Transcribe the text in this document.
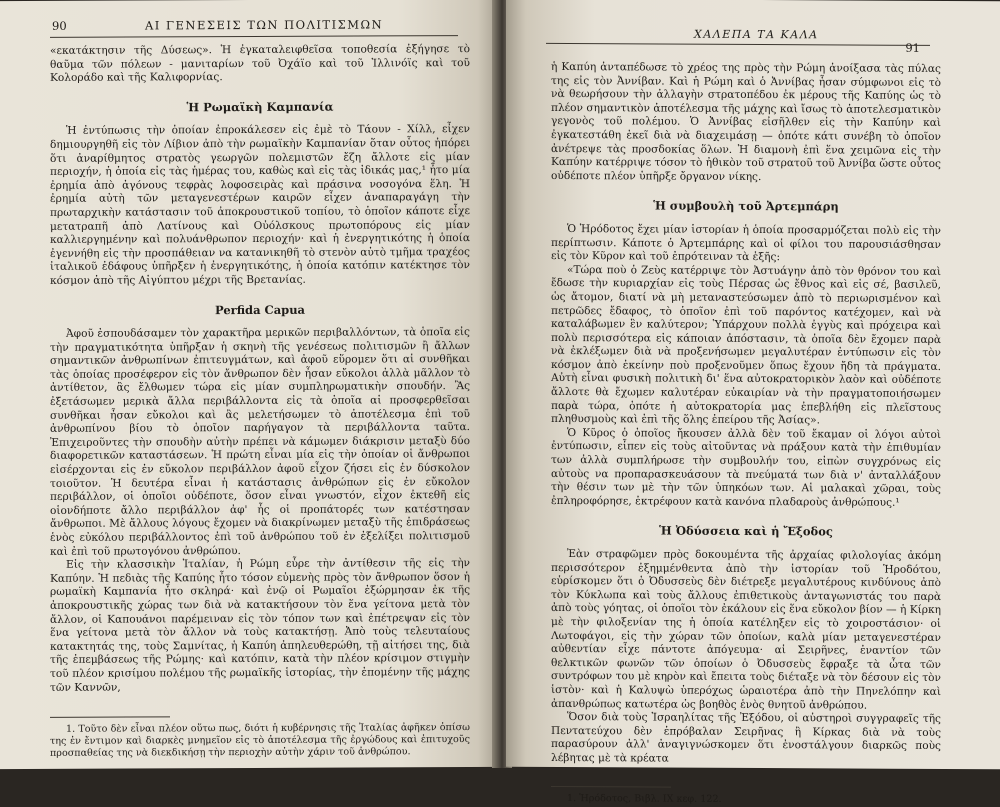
90	ΑΙ ΓΕΝΕΣΕΙΣ ΤΩΝ ΠΟΛΙΤΙΣΜΩΝ

«εκατάκτησιν τῆς Δύσεως». Ἡ ἐγκαταλειφθεῖσα τοποθεσία ἐξήγησε τὸ θαῦμα τῶν πόλεων - μανιταρίων τοῦ Ὀχάϊο καὶ τοῦ Ἰλλινόϊς καὶ τοῦ Κολοράδο καὶ τῆς Καλιφορνίας.

Ἡ Ρωμαϊκὴ Καμπανία

Ἡ ἐντύπωσις τὴν ὁποίαν ἐπροκάλεσεν εἰς ἐμὲ τὸ Τάουν - Χίλλ, εἶχεν δημιουργηθῆ εἰς τὸν Λίβιον ἀπὸ τὴν ρωμαϊκὴν Καμπανίαν ὅταν οὗτος ἠπόρει ὅτι ἀναρίθμητος στρατὸς γεωργῶν πολεμιστῶν ἔζη ἄλλοτε εἰς μίαν περιοχήν, ἡ ὁποία εἰς τὰς ἡμέρας του, καθὼς καὶ εἰς τὰς ἰδικάς μας,¹ ἦτο μία ἐρημία ἀπὸ ἀγόνους τεφρὰς λοφοσειρὰς καὶ πράσινα νοσογόνα ἕλη. Ἡ ἐρημία αὐτὴ τῶν μεταγενεστέρων καιρῶν εἶχεν ἀναπαραγάγη τὴν πρωταρχικὴν κατάστασιν τοῦ ἀποκρουστικοῦ τοπίου, τὸ ὁποῖον κάποτε εἶχε μετατραπῆ ἀπὸ Λατίνους καὶ Οὐόλσκους πρωτοπόρους εἰς μίαν καλλιεργημένην καὶ πολυάνθρωπον περιοχήν· καὶ ἡ ἐνεργητικότης ἡ ὁποία ἐγεννήθη εἰς τὴν προσπάθειαν να κατανικηθῆ τὸ στενὸν αὐτὸ τμῆμα τραχέος ἰταλικοῦ ἐδάφους ὑπῆρξεν ἡ ἐνεργητικότης, ἡ ὁποία κατόπιν κατέκτησε τὸν κόσμον ἀπὸ τῆς Αἰγύπτου μέχρι τῆς Βρετανίας.

Perfida Capua

Ἀφοῦ ἐσπουδάσαμεν τὸν χαρακτῆρα μερικῶν περιβαλλόντων, τὰ ὁποῖα εἰς τὴν πραγματικότητα ὑπῆρξαν ἡ σκηνὴ τῆς γενέσεως πολιτισμῶν ἢ ἄλλων σημαντικῶν ἀνθρωπίνων ἐπιτευγμάτων, καὶ ἀφοῦ εὕρομεν ὅτι αἱ συνθῆκαι τὰς ὁποίας προσέφερον εἰς τὸν ἄνθρωπον δὲν ἦσαν εὔκολοι ἀλλὰ μᾶλλον τὸ ἀντίθετον, ἂς ἔλθωμεν τώρα εἰς μίαν συμπληρωματικὴν σπουδήν. Ἂς ἐξετάσωμεν μερικὰ ἄλλα περιβάλλοντα εἰς τὰ ὁποῖα αἱ προσφερθεῖσαι συνθῆκαι ἦσαν εὔκολοι καὶ ἂς μελετήσωμεν τὸ ἀποτέλεσμα ἐπὶ τοῦ ἀνθρωπίνου βίου τὸ ὁποῖον παρήγαγον τὰ περιβάλλοντα ταῦτα. Ἐπιχειροῦντες τὴν σπουδὴν αὐτὴν πρέπει νὰ κάμωμεν διάκρισιν μεταξὺ δύο διαφορετικῶν καταστάσεων. Ἡ πρώτη εἶναι μία εἰς τὴν ὁποίαν οἱ ἄνθρωποι εἰσέρχονται εἰς ἐν εὔκολον περιβάλλον ἀφοῦ εἶχον ζήσει εἰς ἐν δύσκολον τοιοῦτον. Ἡ δευτέρα εἶναι ἡ κατάστασις ἀνθρώπων εἰς ἐν εὔκολον περιβάλλον, οἱ ὁποῖοι οὐδέποτε, ὅσον εἶναι γνωστόν, εἶχον ἐκτεθῆ εἰς οἱονδήποτε ἄλλο περιβάλλον ἀφ' ἧς οἱ προπάτορές των κατέστησαν ἄνθρωποι. Μὲ ἄλλους λόγους ἔχομεν νὰ διακρίνωμεν μεταξὺ τῆς ἐπιδράσεως ἑνὸς εὐκόλου περιβάλλοντος ἐπὶ τοῦ ἀνθρώπου τοῦ ἐν ἐξελίξει πολιτισμοῦ καὶ ἐπὶ τοῦ πρωτογόνου ἀνθρώπου.

Εἰς τὴν κλασσικὴν Ἰταλίαν, ἡ Ρώμη εὗρε τὴν ἀντίθεσιν τῆς εἰς τὴν Καπύην. Ἡ πεδιὰς τῆς Καπύης ἦτο τόσον εὐμενὴς πρὸς τὸν ἄνθρωπον ὅσον ἡ ρωμαϊκὴ Καμπανία ἦτο σκληρά· καὶ ἐνῷ οἱ Ρωμαῖοι ἐξώρμησαν ἐκ τῆς ἀποκρουστικῆς χώρας των διὰ νὰ κατακτήσουν τὸν ἕνα γείτονα μετὰ τὸν ἄλλον, οἱ Καπουάνοι παρέμειναν εἰς τὸν τόπον των καὶ ἐπέτρεψαν εἰς τὸν ἕνα γείτονα μετὰ τὸν ἄλλον νὰ τοὺς κατακτήσῃ. Ἀπὸ τοὺς τελευταίους κατακτητάς της, τοὺς Σαμνίτας, ἡ Καπύη ἀπηλευθερώθη, τῇ αἰτήσει της, διὰ τῆς ἐπεμβάσεως τῆς Ρώμης· καὶ κατόπιν, κατὰ τὴν πλέον κρίσιμον στιγμὴν τοῦ πλέον κρισίμου πολέμου τῆς ρωμαϊκῆς ἱστορίας, τὴν ἐπομένην τῆς μάχης τῶν Καννῶν,

1. Τοῦτο δὲν εἶναι πλέον οὕτω πως, διότι ἡ κυβέρνησις τῆς Ἰταλίας ἀφῆκεν ὀπίσω της ἐν ἔντιμον καὶ διαρκὲς μνημεῖον εἰς τὸ ἀποτέλεσμα τῆς ἐργώδους καὶ ἐπιτυχοῦς προσπαθείας της νὰ διεκδικήσῃ τὴν περιοχὴν αὐτὴν χάριν τοῦ ἀνθρώπου.

ΧΑΛΕΠΑ ΤΑ ΚΑΛΑ
91

ἡ Καπύη ἀνταπέδωσε τὸ χρέος της πρὸς τὴν Ρώμη ἀνοίξασα τὰς πύλας της εἰς τὸν Ἀννίβαν. Καὶ ἡ Ρώμη καὶ ὁ Ἀννίβας ἦσαν σύμφωνοι εἰς τὸ νὰ θεωρήσουν τὴν ἀλλαγὴν στρατοπέδου ἐκ μέρους τῆς Καπύης ὡς τὸ πλέον σημαντικὸν ἀποτέλεσμα τῆς μάχης καὶ ἴσως τὸ ἀποτελεσματικὸν γεγονὸς τοῦ πολέμου. Ὁ Ἀννίβας εἰσῆλθεν εἰς τὴν Καπύην καὶ ἐγκατεστάθη ἐκεῖ διὰ νὰ διαχειμάσῃ — ὁπότε κάτι συνέβη τὸ ὁποῖον ἀνέτρεψε τὰς προσδοκίας ὅλων. Ἡ διαμονὴ ἐπὶ ἕνα χειμῶνα εἰς τὴν Καπύην κατέρριψε τόσον τὸ ἠθικὸν τοῦ στρατοῦ τοῦ Ἀννίβα ὥστε οὗτος οὐδέποτε πλέον ὑπῆρξε ὄργανον νίκης.

Ἡ συμβουλὴ τοῦ Ἀρτεμπάρη

Ὁ Ἡρόδοτος ἔχει μίαν ἱστορίαν ἡ ὁποία προσαρμόζεται πολὺ εἰς τὴν περίπτωσιν. Κάποτε ὁ Ἀρτεμπάρης καὶ οἱ φίλοι του παρουσιάσθησαν εἰς τὸν Κῦρον καὶ τοῦ ἐπρότειναν τὰ ἑξῆς:

«Τώρα ποὺ ὁ Ζεὺς κατέρριψε τὸν Ἀστυάγην ἀπὸ τὸν θρόνον του καὶ ἔδωσε τὴν κυριαρχίαν εἰς τοὺς Πέρσας ὡς ἔθνος καὶ εἰς σέ, βασιλεῦ, ὡς ἄτομον, διατί νὰ μὴ μεταναστεύσωμεν ἀπὸ τὸ περιωρισμένον καὶ πετρῶδες ἔδαφος, τὸ ὁποῖον ἐπὶ τοῦ παρόντος κατέχομεν, καὶ νὰ καταλάβωμεν ἓν καλύτερον; Ὑπάρχουν πολλὰ ἐγγὺς καὶ πρόχειρα καὶ πολὺ περισσότερα εἰς κάποιαν ἀπόστασιν, τὰ ὁποῖα δὲν ἔχομεν παρὰ νὰ ἐκλέξωμεν διὰ νὰ προξενήσωμεν μεγαλυτέραν ἐντύπωσιν εἰς τὸν κόσμον ἀπὸ ἐκείνην ποὺ προξενοῦμεν ὅπως ἔχουν ἤδη τὰ πράγματα. Αὐτὴ εἶναι φυσικὴ πολιτικὴ δι' ἕνα αὐτοκρατορικὸν λαὸν καὶ οὐδέποτε ἄλλοτε θὰ ἔχωμεν καλυτέραν εὐκαιρίαν νὰ τὴν πραγματοποιήσωμεν παρὰ τώρα, ὁπότε ἡ αὐτοκρατορία μας ἐπεβλήθη εἰς πλεῖστους πληθυσμοὺς καὶ ἐπὶ τῆς ὅλης ἐπείρου τῆς Ἀσίας».

Ὁ Κῦρος ὁ ὁποῖος ἤκουσεν ἀλλὰ δὲν τοῦ ἔκαμαν οἱ λόγοι αὐτοὶ ἐντύπωσιν, εἶπεν εἰς τοὺς αἰτοῦντας νὰ πράξουν κατὰ τὴν ἐπιθυμίαν των ἀλλὰ συμπλήρωσε τὴν συμβουλήν του, εἰπὼν συγχρόνως εἰς αὐτοὺς να προπαρασκευάσουν τὰ πνεύματά των διὰ ν' ἀνταλλάξουν τὴν θέσιν των μὲ τὴν τῶν ὑπηκόων των. Αἱ μαλακαὶ χῶραι, τοὺς ἐπληροφόρησε, ἐκτρέφουν κατὰ κανόνα πλαδαροὺς ἀνθρώπους.¹

Ἡ Ὀδύσσεια καὶ ἡ Ἔξοδος

Ἐὰν στραφῶμεν πρὸς δοκουμέντα τῆς ἀρχαίας φιλολογίας ἀκόμη περισσότερον ἐξημμένθεντα ἀπὸ τὴν ἱστορίαν τοῦ Ἡροδότου, εὑρίσκομεν ὅτι ὁ Ὀδυσσεὺς δὲν διέτρεξε μεγαλυτέρους κινδύνους ἀπὸ τὸν Κύκλωπα καὶ τοὺς ἄλλους ἐπιθετικοὺς ἀνταγωνιστάς του παρὰ ἀπὸ τοὺς γόητας, οἱ ὁποῖοι τὸν ἐκάλουν εἰς ἕνα εὔκολον βίον — ἡ Κίρκη μὲ τὴν φιλοξενίαν της ἡ ὁποία κατέληξεν εἰς τὸ χοιροστάσιον· οἱ Λωτοφάγοι, εἰς τὴν χώραν τῶν ὁποίων, καλὰ μίαν μεταγενεστέραν αὐθεντίαν εἶχε πάντοτε ἀπόγευμα· αἱ Σειρῆνες, ἐναντίον τῶν θελκτικῶν φωνῶν τῶν ὁποίων ὁ Ὀδυσσεὺς ἔφραξε τὰ ὦτα τῶν συντρόφων του μὲ κηρὸν καὶ ἔπειτα τοὺς διέταξε νὰ τὸν δέσουν εἰς τὸν ἱστὸν· καὶ ἡ Καλυψὼ ὑπερόχως ὡραιοτέρα ἀπὸ τὴν Πηνελόπην καὶ ἀπανθρώπως κατωτέρα ὡς βοηθὸς ἑνὸς θνητοῦ ἀνθρώπου.

Ὅσον διὰ τοὺς Ἰσραηλίτας τῆς Ἐξόδου, οἱ αὐστηροὶ συγγραφεῖς τῆς Πεντατεύχου δὲν ἐπρόβαλαν Σειρῆνας ἢ Κίρκας διὰ νὰ τοὺς παρασύρουν ἀλλ' ἀναγιγνώσκομεν ὅτι ἐνοστάλγουν διαρκῶς ποὺς λέβητας μὲ τὰ κρέατα

1. Ἡρόδοτος, Βιβλ. IX κεφ. 122.
